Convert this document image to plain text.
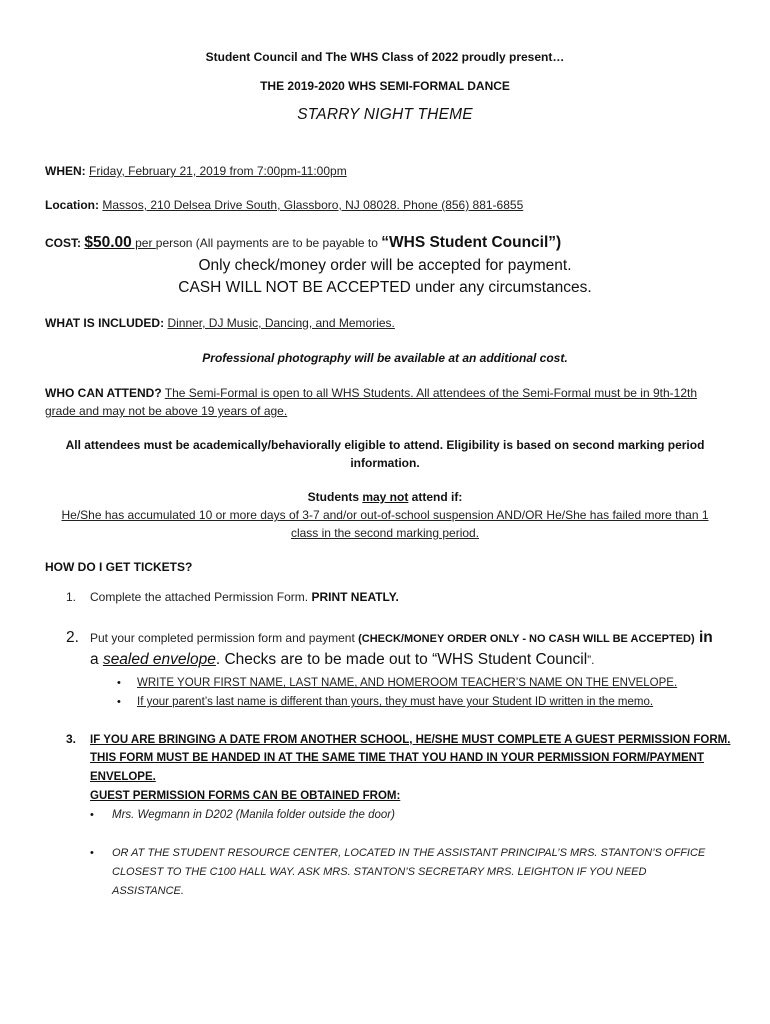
Student Council and The WHS Class of 2022 proudly present…
THE 2019-2020 WHS SEMI-FORMAL DANCE
STARRY NIGHT THEME
WHEN: Friday, February 21, 2019 from 7:00pm-11:00pm
Location: Massos, 210 Delsea Drive South, Glassboro, NJ 08028. Phone (856) 881-6855
COST: $50.00 per person (All payments are to be payable to “WHS Student Council”)
Only check/money order will be accepted for payment.
CASH WILL NOT BE ACCEPTED under any circumstances.
WHAT IS INCLUDED: Dinner, DJ Music, Dancing, and Memories.
Professional photography will be available at an additional cost.
WHO CAN ATTEND? The Semi-Formal is open to all WHS Students. All attendees of the Semi-Formal must be in 9th-12th
grade and may not be above 19 years of age.
All attendees must be academically/behaviorally eligible to attend. Eligibility is based on second marking period
information.
Students may not attend if:
He/She has accumulated 10 or more days of 3-7 and/or out-of-school suspension AND/OR He/She has failed more than 1
class in the second marking period.
HOW DO I GET TICKETS?
1. Complete the attached Permission Form. PRINT NEATLY.
2. Put your completed permission form and payment (CHECK/MONEY ORDER ONLY - NO CASH WILL BE ACCEPTED) in
a sealed envelope. Checks are to be made out to “WHS Student Council”.
• WRITE YOUR FIRST NAME, LAST NAME, AND HOMEROOM TEACHER’S NAME ON THE ENVELOPE.
• If your parent’s last name is different than yours, they must have your Student ID written in the memo.
3. IF YOU ARE BRINGING A DATE FROM ANOTHER SCHOOL, HE/SHE MUST COMPLETE A GUEST PERMISSION FORM.
THIS FORM MUST BE HANDED IN AT THE SAME TIME THAT YOU HAND IN YOUR PERMISSION FORM/PAYMENT
ENVELOPE.
GUEST PERMISSION FORMS CAN BE OBTAINED FROM:
• Mrs. Wegmann in D202 (Manila folder outside the door)
• OR AT THE STUDENT RESOURCE CENTER, LOCATED IN THE ASSISTANT PRINCIPAL’S MRS. STANTON’S OFFICE
CLOSEST TO THE C100 HALL WAY. ASK MRS. STANTON’S SECRETARY MRS. LEIGHTON IF YOU NEED
ASSISTANCE.
